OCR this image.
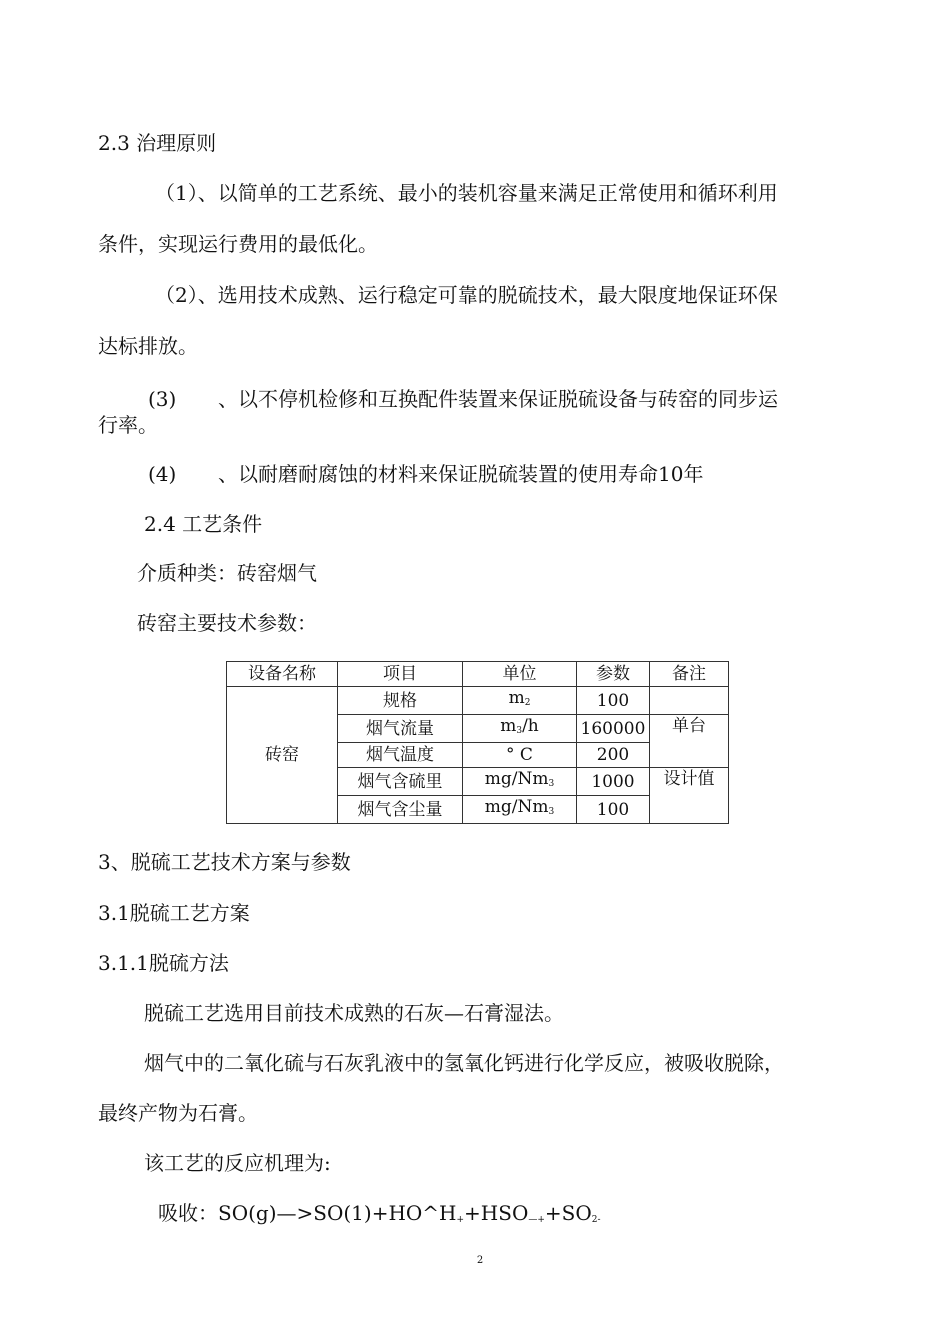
2.3 治理原则
（1）、以简单的工艺系统、最小的装机容量来满足正常使用和循环利用
条件，实现运行费用的最低化。
（2）、选用技术成熟、运行稳定可靠的脱硫技术，最大限度地保证环保
达标排放。
(3) 、以不停机检修和互换配件装置来保证脱硫设备与砖窑的同步运
行率。
(4) 、以耐磨耐腐蚀的材料来保证脱硫装置的使用寿命10年
2.4 工艺条件
介质种类：砖窑烟气
砖窑主要技术参数：
设备名称	项目	单位	参数	备注
砖窑	规格	$m_2$	100	
	烟气流量	$m_3/h$	160000	单台
	烟气温度	° C	200	
	烟气含硫里	$mg/Nm_3$	1000	设计值
	烟气含尘量	$mg/Nm_3$	100	
3、脱硫工艺技术方案与参数
3.1脱硫工艺方案
3.1.1脱硫方法
脱硫工艺选用目前技术成熟的石灰—石膏湿法。
烟气中的二氧化硫与石灰乳液中的氢氧化钙进行化学反应，被吸收脱除，
最终产物为石膏。
该工艺的反应机理为:
吸收：$SO(g)—>SO(1)+HO\^{}H_++HSO_{—+}+SO_{2-}$
2
